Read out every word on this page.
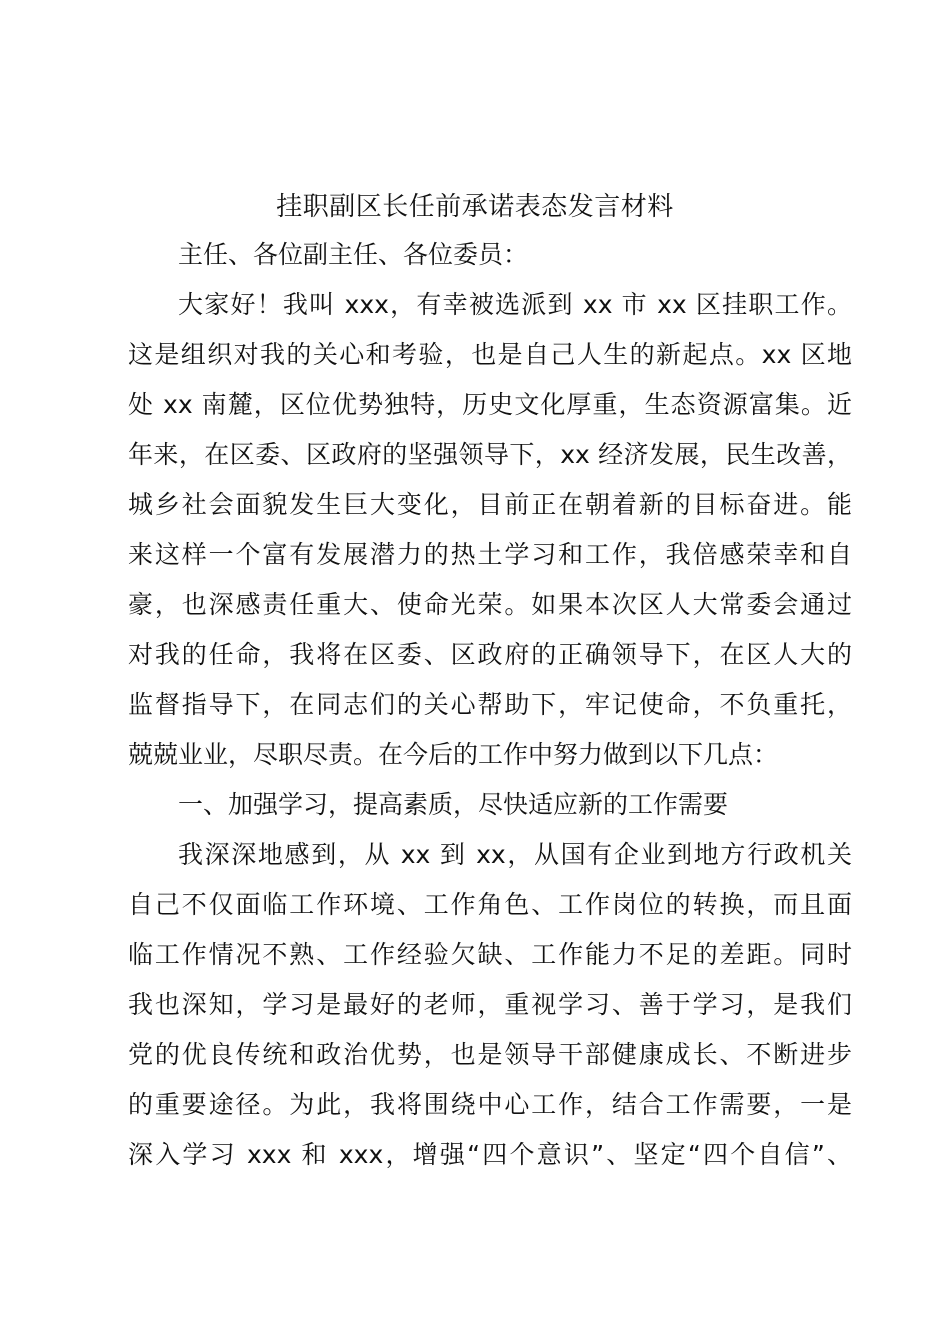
挂职副区长任前承诺表态发言材料
主任、各位副主任、各位委员：
大家好！我叫 xxx，有幸被选派到 xx 市 xx 区挂职工作。
这是组织对我的关心和考验，也是自己人生的新起点。xx 区地
处 xx 南麓，区位优势独特，历史文化厚重，生态资源富集。近
年来，在区委、区政府的坚强领导下，xx 经济发展，民生改善，
城乡社会面貌发生巨大变化，目前正在朝着新的目标奋进。能
来这样一个富有发展潜力的热土学习和工作，我倍感荣幸和自
豪，也深感责任重大、使命光荣。如果本次区人大常委会通过
对我的任命，我将在区委、区政府的正确领导下，在区人大的
监督指导下，在同志们的关心帮助下，牢记使命，不负重托，
兢兢业业，尽职尽责。在今后的工作中努力做到以下几点：
一、加强学习，提高素质，尽快适应新的工作需要
我深深地感到，从 xx 到 xx，从国有企业到地方行政机关
自己不仅面临工作环境、工作角色、工作岗位的转换，而且面
临工作情况不熟、工作经验欠缺、工作能力不足的差距。同时
我也深知，学习是最好的老师，重视学习、善于学习，是我们
党的优良传统和政治优势，也是领导干部健康成长、不断进步
的重要途径。为此，我将围绕中心工作，结合工作需要，一是
深入学习 xxx 和 xxx，增强“四个意识”、坚定“四个自信”、
